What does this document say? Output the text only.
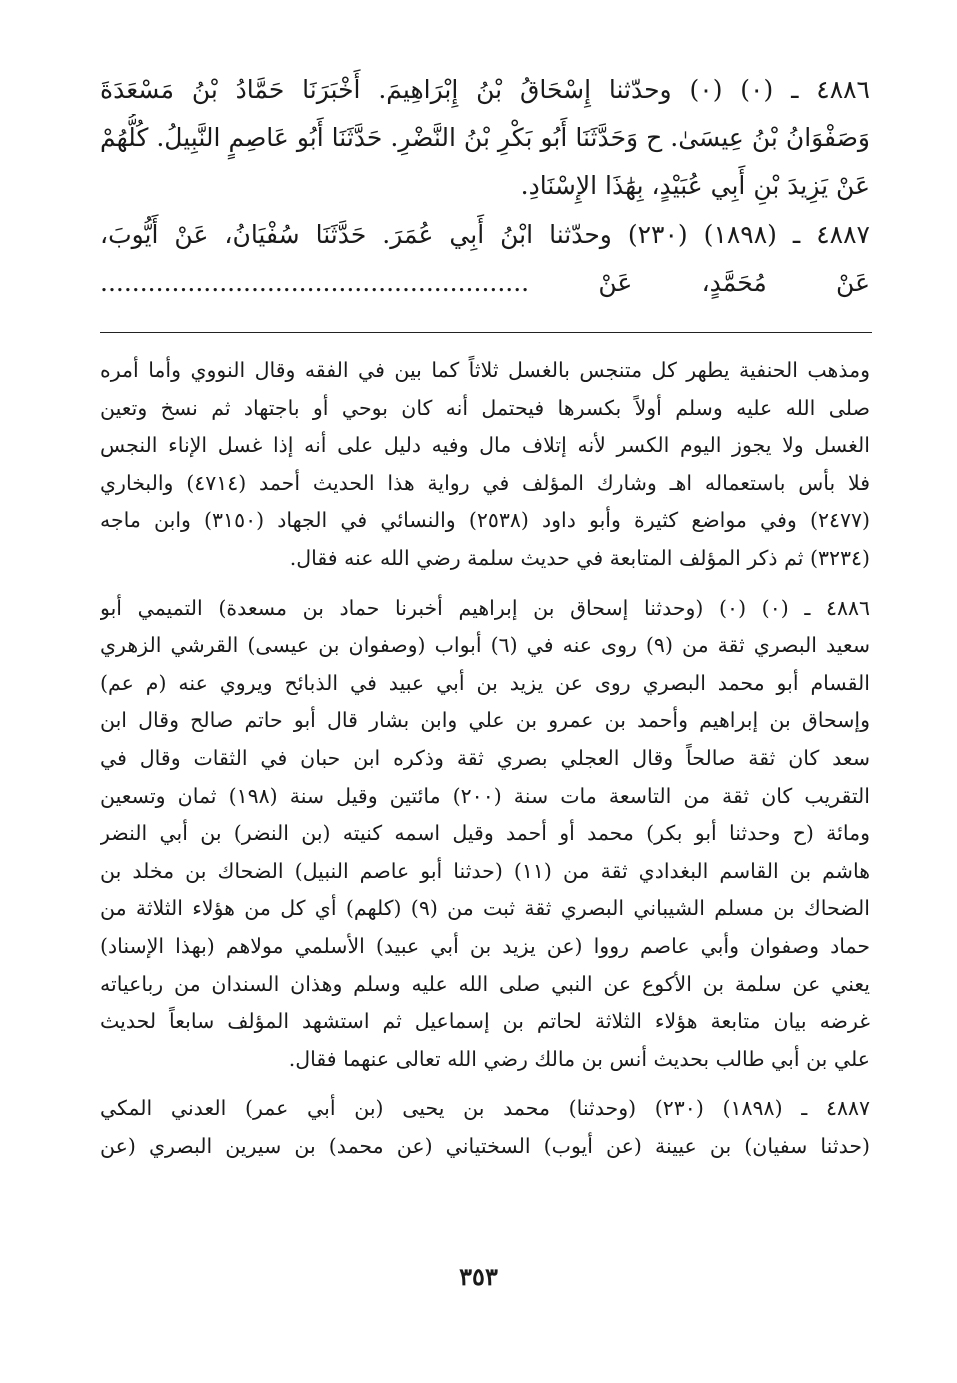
٤٨٨٦ ـ (٠) (٠) وحدّثنا إِسْحَاقُ بْنُ إِبْرَاهِيمَ. أَخْبَرَنَا حَمَّادُ بْنُ مَسْعَدَةَ
وَصَفْوَانُ بْنُ عِيسَىٰ. ح وَحَدَّثَنَا أَبُو بَكْرِ بْنُ النَّضْرِ. حَدَّثَنَا أَبُو عَاصِمٍ النَّبِيلُ. كُلُّهُمْ
عَنْ يَزِيدَ بْنِ أَبِي عُبَيْدٍ، بِهَٰذَا الإِسْنَادِ.
٤٨٨٧ ـ (١٨٩٨) (٢٣٠) وحدّثنا ابْنُ أَبِي عُمَرَ. حَدَّثَنَا سُفْيَانُ، عَنْ أَيُّوبَ،
عَنْ مُحَمَّدٍ، عَنْ ......................................................
ومذهب الحنفية يطهر كل متنجس بالغسل ثلاثاً كما بين في الفقه وقال النووي وأما أمره
صلى الله عليه وسلم أولاً بكسرها فيحتمل أنه كان بوحي أو باجتهاد ثم نسخ وتعين
الغسل ولا يجوز اليوم الكسر لأنه إتلاف مال وفيه دليل على أنه إذا غسل الإناء النجس
فلا بأس باستعماله اهـ وشارك المؤلف في رواية هذا الحديث أحمد (٤٧١٤) والبخاري
(٢٤٧٧) وفي مواضع كثيرة وأبو داود (٢٥٣٨) والنسائي في الجهاد (٣١٥٠) وابن ماجه
(٣٢٣٤) ثم ذكر المؤلف المتابعة في حديث سلمة رضي الله عنه فقال.
٤٨٨٦ ـ (٠) (٠) (وحدثنا إسحاق بن إبراهيم أخبرنا حماد بن مسعدة) التميمي أبو
سعيد البصري ثقة من (٩) روى عنه في (٦) أبواب (وصفوان بن عيسى) القرشي الزهري
القسام أبو محمد البصري روى عن يزيد بن أبي عبيد في الذبائح ويروي عنه (م عم)
وإسحاق بن إبراهيم وأحمد بن عمرو بن علي وابن بشار قال أبو حاتم صالح وقال ابن
سعد كان ثقة صالحاً وقال العجلي بصري ثقة وذكره ابن حبان في الثقات وقال في
التقريب كان ثقة من التاسعة مات سنة (٢٠٠) مائتين وقيل سنة (١٩٨) ثمان وتسعين
ومائة (ح وحدثنا أبو بكر) محمد أو أحمد وقيل اسمه كنيته (بن النضر) بن أبي النضر
هاشم بن القاسم البغدادي ثقة من (١١) (حدثنا أبو عاصم النبيل) الضحاك بن مخلد بن
الضحاك بن مسلم الشيباني البصري ثقة ثبت من (٩) (كلهم) أي كل من هؤلاء الثلاثة من
حماد وصفوان وأبي عاصم رووا (عن يزيد بن أبي عبيد) الأسلمي مولاهم (بهذا الإسناد)
يعني عن سلمة بن الأكوع عن النبي صلى الله عليه وسلم وهذان السندان من رباعياته
غرضه بيان متابعة هؤلاء الثلاثة لحاتم بن إسماعيل ثم استشهد المؤلف سابعاً لحديث
علي بن أبي طالب بحديث أنس بن مالك رضي الله تعالى عنهما فقال.
٤٨٨٧ ـ (١٨٩٨) (٢٣٠) (وحدثنا) محمد بن يحيى (بن أبي عمر) العدني المكي
(حدثنا سفيان) بن عيينة (عن أيوب) السختياني (عن محمد) بن سيرين البصري (عن
٣٥٣
